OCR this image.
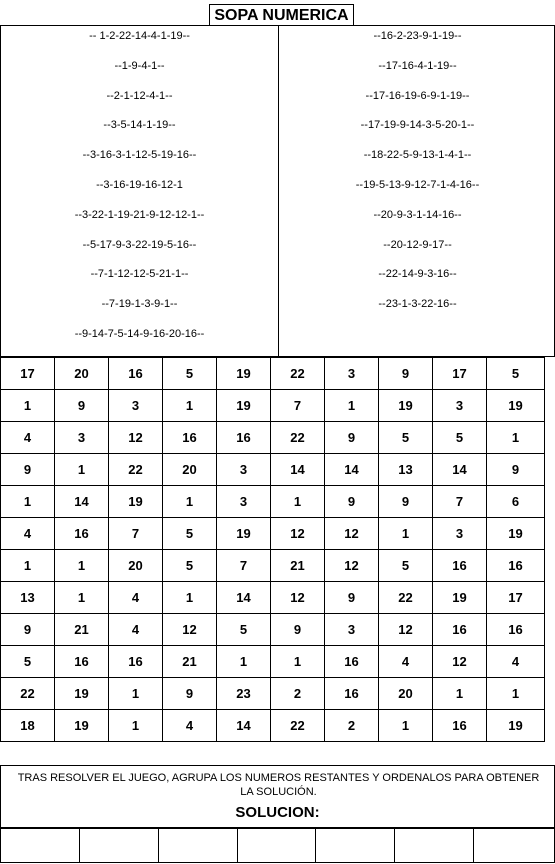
SOPA NUMERICA
-- 1-2-22-14-4-1-19--
--1-9-4-1--
--2-1-12-4-1--
--3-5-14-1-19--
--3-16-3-1-12-5-19-16--
--3-16-19-16-12-1
--3-22-1-19-21-9-12-12-1--
--5-17-9-3-22-19-5-16--
--7-1-12-12-5-21-1--
--7-19-1-3-9-1--
--9-14-7-5-14-9-16-20-16--
--16-2-23-9-1-19--
--17-16-4-1-19--
--17-16-19-6-9-1-19--
--17-19-9-14-3-5-20-1--
--18-22-5-9-13-1-4-1--
--19-5-13-9-12-7-1-4-16--
--20-9-3-1-14-16--
--20-12-9-17--
--22-14-9-3-16--
--23-1-3-22-16--
17	20	16	5	19	22	3	9	17	5
1	9	3	1	19	7	1	19	3	19
4	3	12	16	16	22	9	5	5	1
9	1	22	20	3	14	14	13	14	9
1	14	19	1	3	1	9	9	7	6
4	16	7	5	19	12	12	1	3	19
1	1	20	5	7	21	12	5	16	16
13	1	4	1	14	12	9	22	19	17
9	21	4	12	5	9	3	12	16	16
5	16	16	21	1	1	16	4	12	4
22	19	1	9	23	2	16	20	1	1
18	19	1	4	14	22	2	1	16	19
TRAS RESOLVER EL JUEGO, AGRUPA LOS NUMEROS RESTANTES Y ORDENALOS PARA OBTENER LA SOLUCIÓN.
SOLUCION:
